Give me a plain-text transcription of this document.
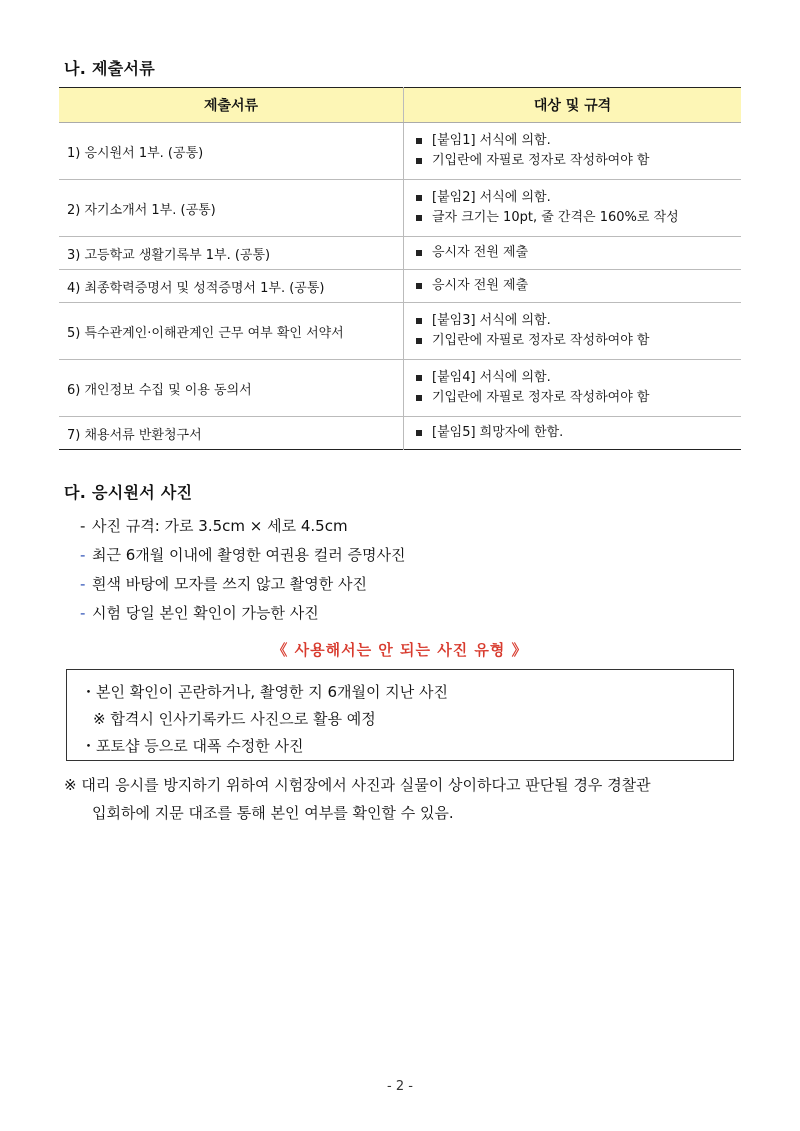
나. 제출서류
제출서류	대상 및 규격
1) 응시원서 1부. (공통)	[붙임1] 서식에 의함.
기입란에 자필로 정자로 작성하여야 함

2) 자기소개서 1부. (공통)	[붙임2] 서식에 의함.
글자 크기는 10pt, 줄 간격은 160%로 작성

3) 고등학교 생활기록부 1부. (공통)	응시자 전원 제출

4) 최종학력증명서 및 성적증명서 1부. (공통)	응시자 전원 제출

5) 특수관계인·이해관계인 근무 여부 확인 서약서	[붙임3] 서식에 의함.
기입란에 자필로 정자로 작성하여야 함

6) 개인정보 수집 및 이용 동의서	[붙임4] 서식에 의함.
기입란에 자필로 정자로 작성하여야 함

7) 채용서류 반환청구서	[붙임5] 희망자에 한함.
다. 응시원서 사진
- 사진 규격: 가로 3.5cm × 세로 4.5cm
- 최근 6개월 이내에 촬영한 여권용 컬러 증명사진
- 흰색 바탕에 모자를 쓰지 않고 촬영한 사진
- 시험 당일 본인 확인이 가능한 사진
《 사용해서는 안 되는 사진 유형 》
・본인 확인이 곤란하거나, 촬영한 지 6개월이 지난 사진
※ 합격시 인사기록카드 사진으로 활용 예정
・포토샵 등으로 대폭 수정한 사진
※ 대리 응시를 방지하기 위하여 시험장에서 사진과 실물이 상이하다고 판단될 경우 경찰관
입회하에 지문 대조를 통해 본인 여부를 확인할 수 있음.
- 2 -
